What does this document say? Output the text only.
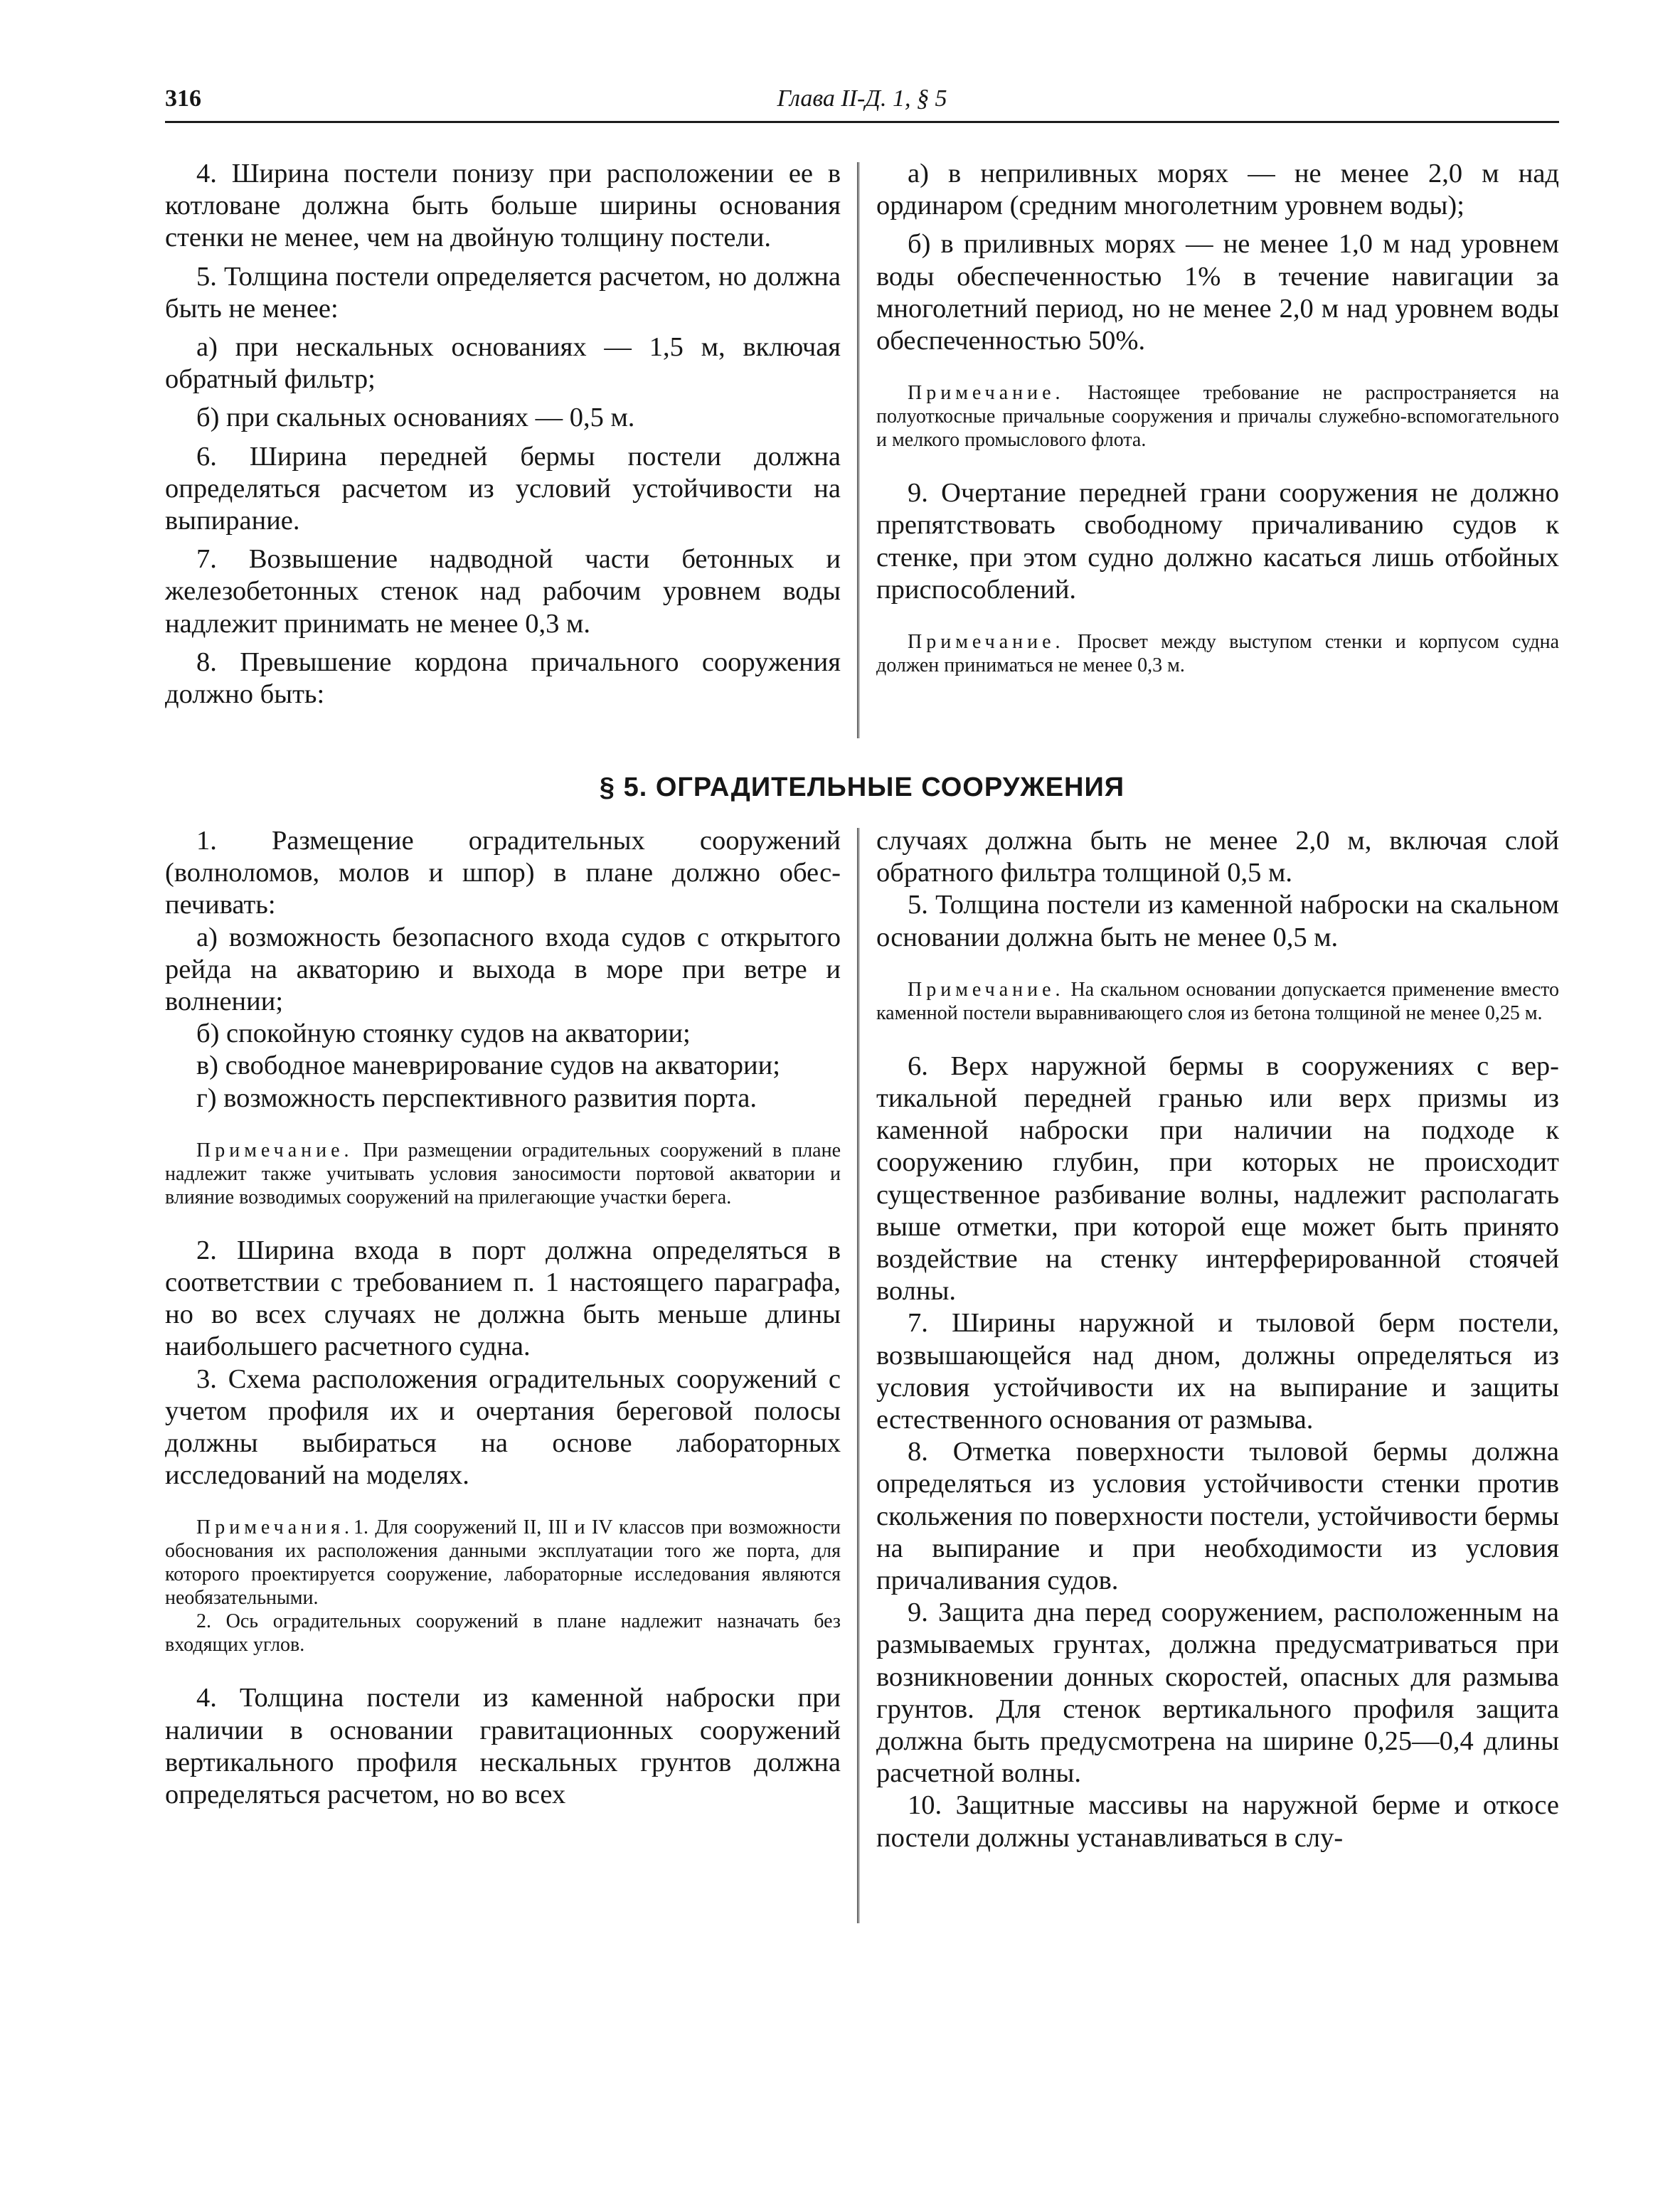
316	Глава II-Д. 1, § 5

4. Ширина постели понизу при расположении ее в котловане должна быть больше ширины основания стенки не менее, чем на двойную толщину постели.

5. Толщина постели определяется расчетом, но должна быть не менее:

а) при нескальных основаниях — 1,5 м, включая обратный фильтр;

б) при скальных основаниях — 0,5 м.

6. Ширина передней бермы постели должна определяться расчетом из условий устойчивости на выпирание.

7. Возвышение надводной части бетонных и железобетонных стенок над рабочим уровнем воды надлежит принимать не менее 0,3 м.

8. Превышение кордона причального сооружения должно быть:

а) в неприливных морях — не менее 2,0 м над ординаром (средним многолетним уровнем воды);

б) в приливных морях — не менее 1,0 м над уровнем воды обеспеченностью 1% в течение навигации за многолетний период, но не менее 2,0 м над уровнем воды обеспеченностью 50%.

Примечание. Настоящее требование не распространяется на полуоткосные причальные сооружения и причалы служебно-вспомогательного и мелкого промыслового флота.

9. Очертание передней грани сооружения не должно препятствовать свободному причаливанию судов к стенке, при этом судно должно касаться лишь отбойных приспособлений.

Примечание. Просвет между выступом стенки и корпусом судна должен приниматься не менее 0,3 м.

§ 5. ОГРАДИТЕЛЬНЫЕ СООРУЖЕНИЯ

1. Размещение оградительных сооружений (волноломов, молов и шпор) в плане должно обеспечивать:

а) возможность безопасного входа судов с открытого рейда на акваторию и выхода в море при ветре и волнении;

б) спокойную стоянку судов на акватории;

в) свободное маневрирование судов на акватории;

г) возможность перспективного развития порта.

Примечание. При размещении оградительных сооружений в плане надлежит также учитывать условия заносимости портовой акватории и влияние возводимых сооружений на прилегающие участки берега.

2. Ширина входа в порт должна определяться в соответствии с требованием п. 1 настоящего параграфа, но во всех случаях не должна быть меньше длины наибольшего расчетного судна.

3. Схема расположения оградительных сооружений с учетом профиля их и очертания береговой полосы должны выбираться на основе лабораторных исследований на моделях.

Примечания.1. Для сооружений II, III и IV классов при возможности обоснования их расположения данными эксплуатации того же порта, для которого проектируется сооружение, лабораторные исследования являются необязательными.

2. Ось оградительных сооружений в плане надлежит назначать без входящих углов.

4. Толщина постели из каменной наброски при наличии в основании гравитационных сооружений вертикального профиля нескальных грунтов должна определяться расчетом, но во всех

случаях должна быть не менее 2,0 м, включая слой обратного фильтра толщиной 0,5 м.

5. Толщина постели из каменной наброски на скальном основании должна быть не менее 0,5 м.

Примечание. На скальном основании допускается применение вместо каменной постели выравнивающего слоя из бетона толщиной не менее 0,25 м.

6. Верх наружной бермы в сооружениях с вертикальной передней гранью или верх призмы из каменной наброски при наличии на подходе к сооружению глубин, при которых не происходит существенное разбивание волны, надлежит располагать выше отметки, при которой еще может быть принято воздействие на стенку интерферированной стоячей волны.

7. Ширины наружной и тыловой берм постели, возвышающейся над дном, должны определяться из условия устойчивости их на выпирание и защиты естественного основания от размыва.

8. Отметка поверхности тыловой бермы должна определяться из условия устойчивости стенки против скольжения по поверхности постели, устойчивости бермы на выпирание и при необходимости из условия причаливания судов.

9. Защита дна перед сооружением, расположенным на размываемых грунтах, должна предусматриваться при возникновении донных скоростей, опасных для размыва грунтов. Для стенок вертикального профиля защита должна быть предусмотрена на ширине 0,25—0,4 длины расчетной волны.

10. Защитные массивы на наружной берме и откосе постели должны устанавливаться в слу-
